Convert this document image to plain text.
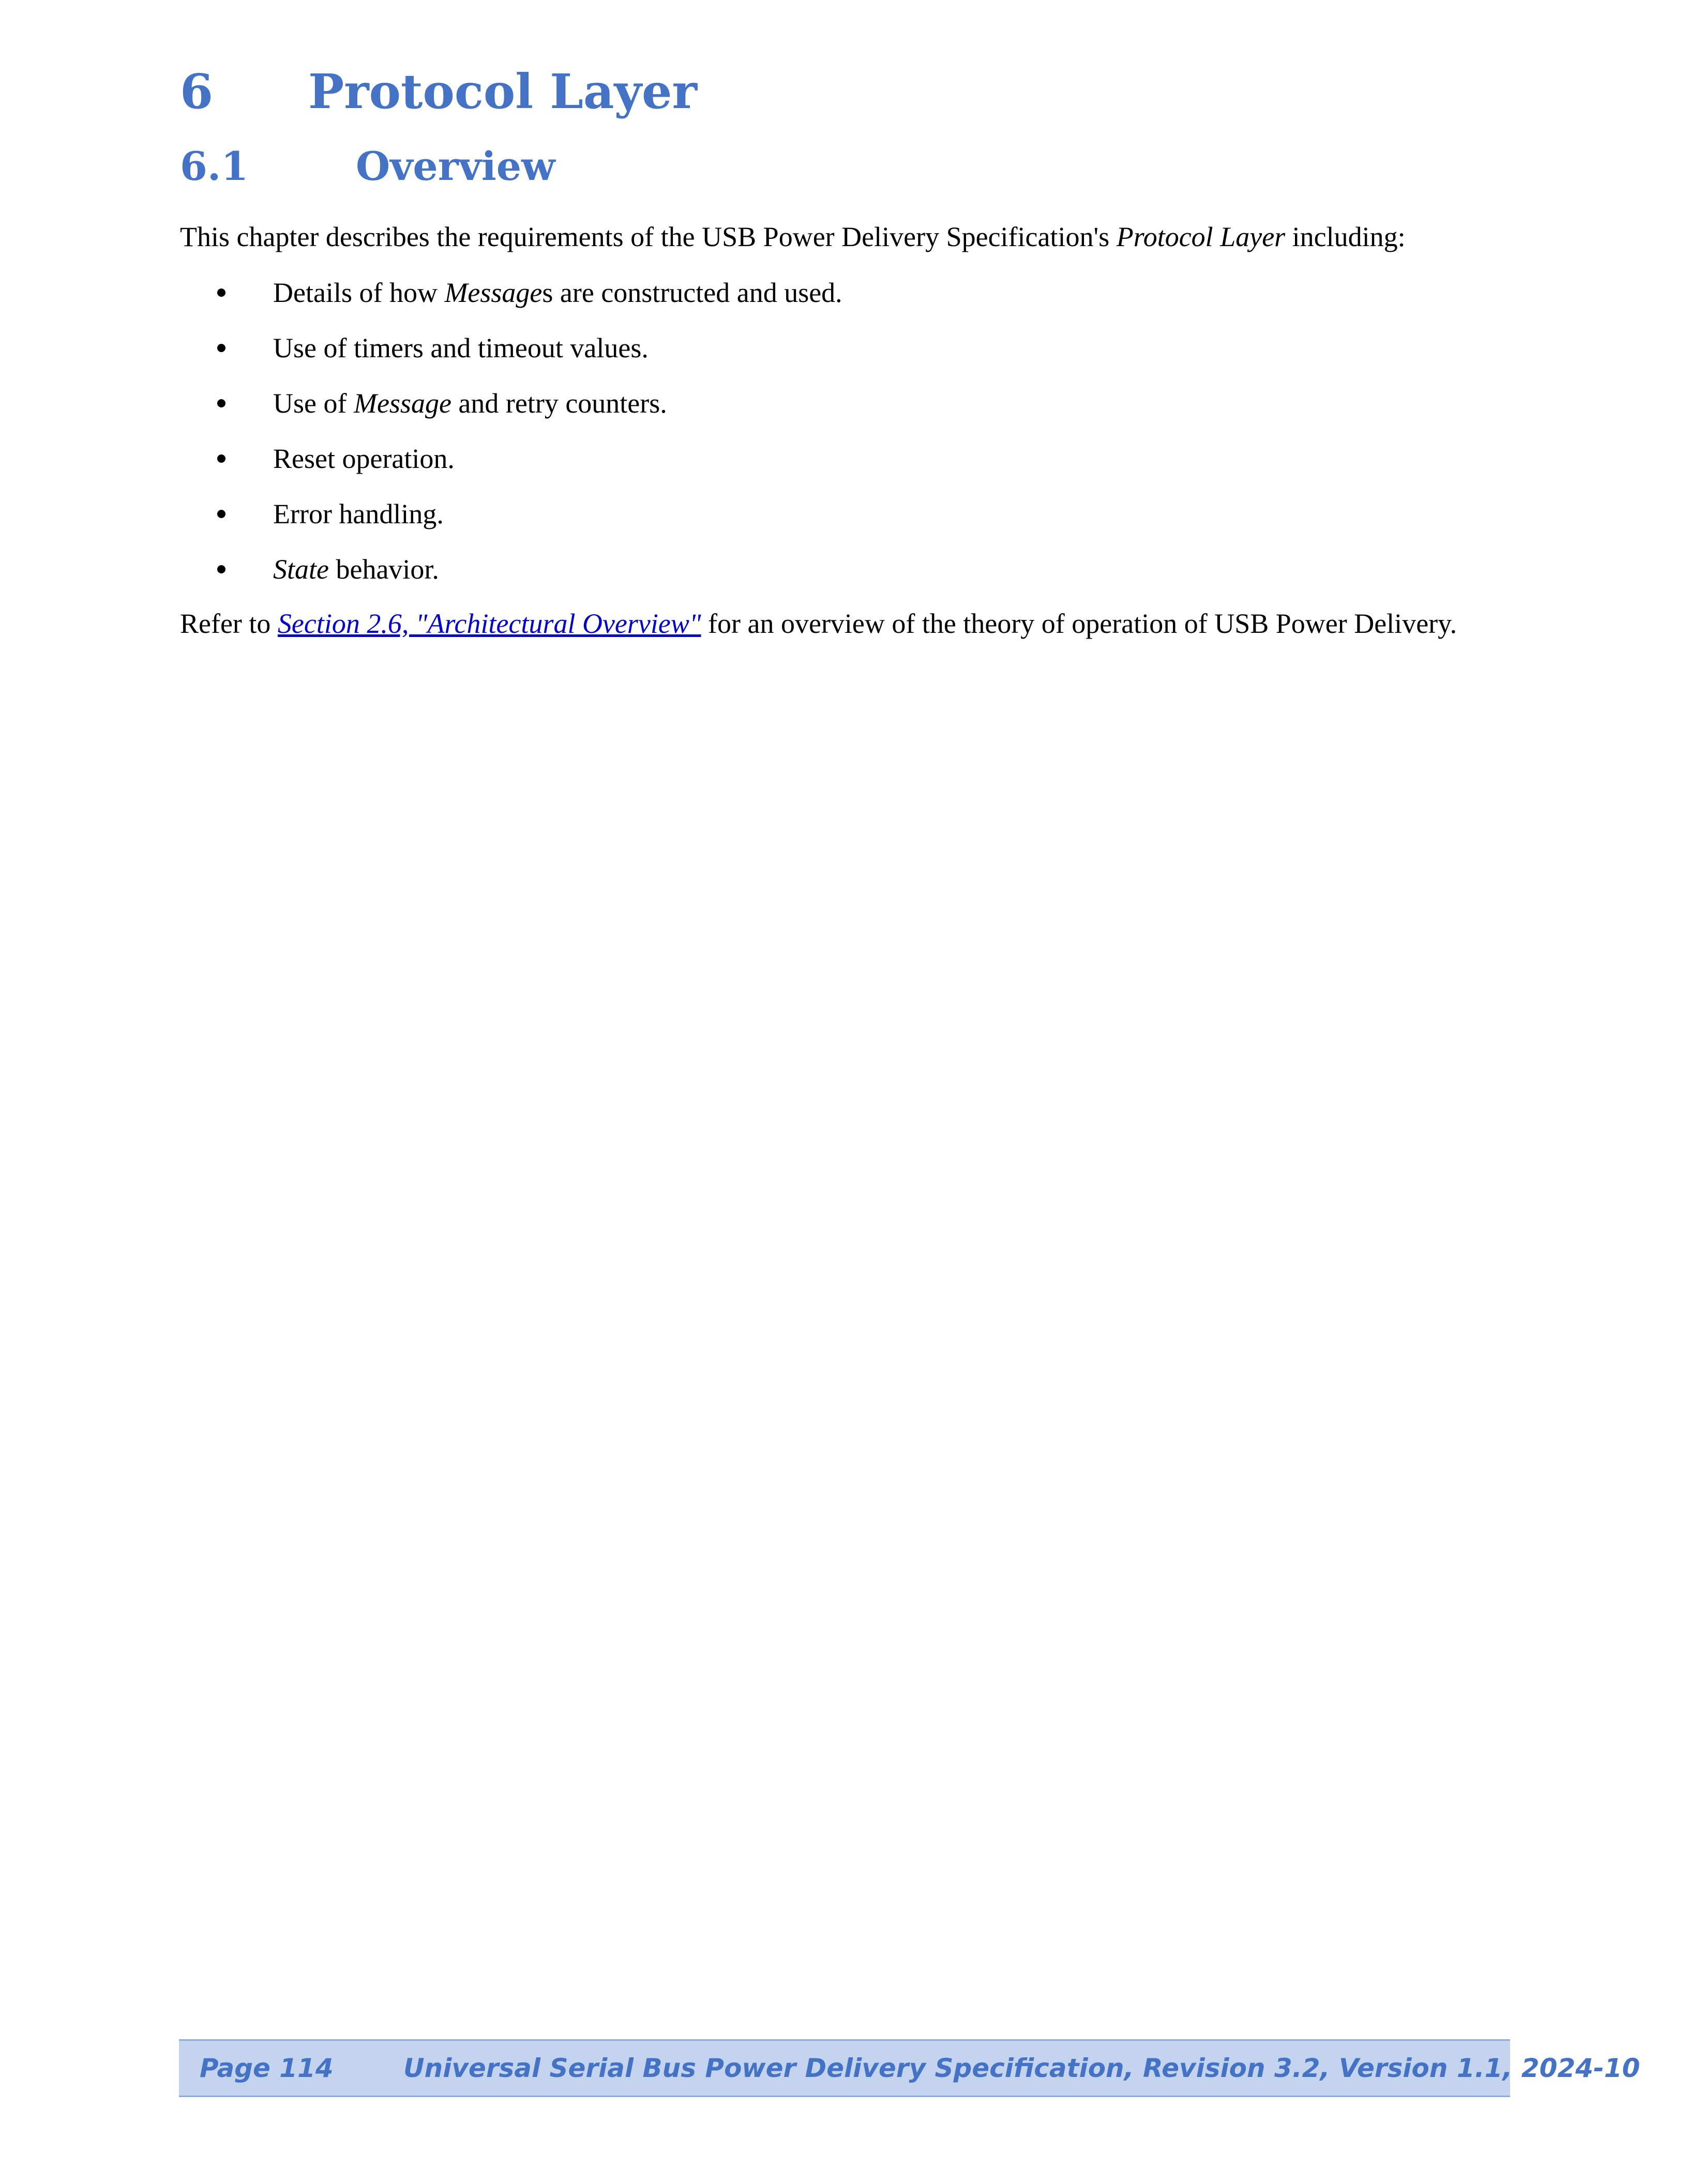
6 Protocol Layer
6.1	Overview

This chapter describes the requirements of the USB Power Delivery Specification's Protocol Layer including:

Details of how Messages are constructed and used.
Use of timers and timeout values.
Use of Message and retry counters.
Reset operation.
Error handling.
State behavior.

Refer to Section 2.6, "Architectural Overview" for an overview of the theory of operation of USB Power Delivery.

Page 114	Universal Serial Bus Power Delivery Specification, Revision 3.2, Version 1.1, 2024-10
